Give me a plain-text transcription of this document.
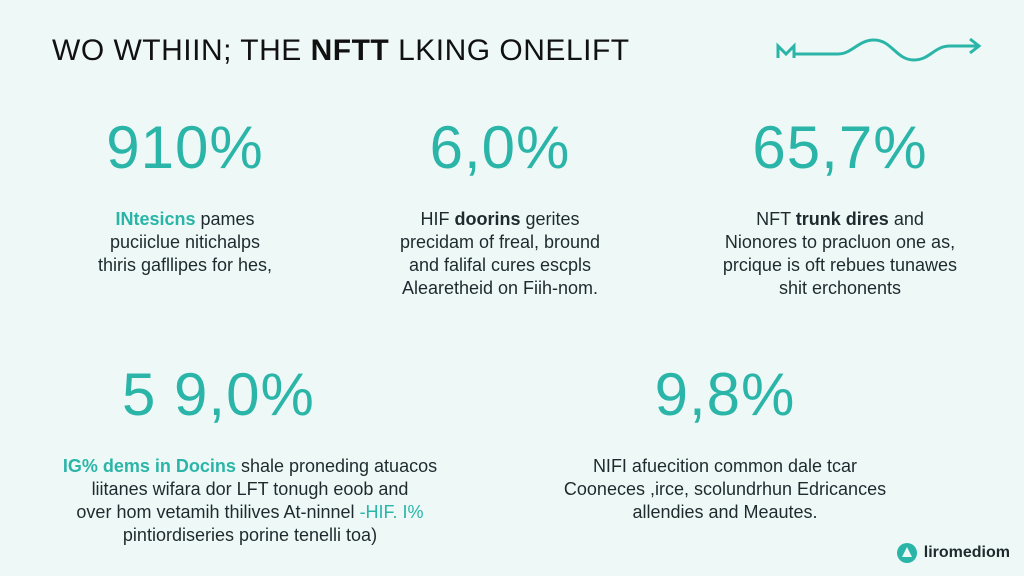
WO WTHIIN; THE NFTT LKING ONELIFT
910%
INtesicns pames
puciiclue nitichalps
thiris gafllipes for hes,
6,0%
HIF doorins gerites
precidam of freal, bround
and falifal cures escpls
Alearetheid on Fiih-nom.
65,7%
NFT trunk dires and
Nionores to pracluon one as,
prcique is oft rebues tunawes
shit erchonents
5 9,0%
IG% dems in Docins shale proneding atuacos
liitanes wifara dor LFT tonugh eoob and
over hom vetamih thilives At-ninnel -HIF. I%
pintiordiseries porine tenelli toa)
9,8%
NIFI afuecition common dale tcar
Cooneces ,irce, scolundrhun Edricances
allendies and Meautes.
liromediom
